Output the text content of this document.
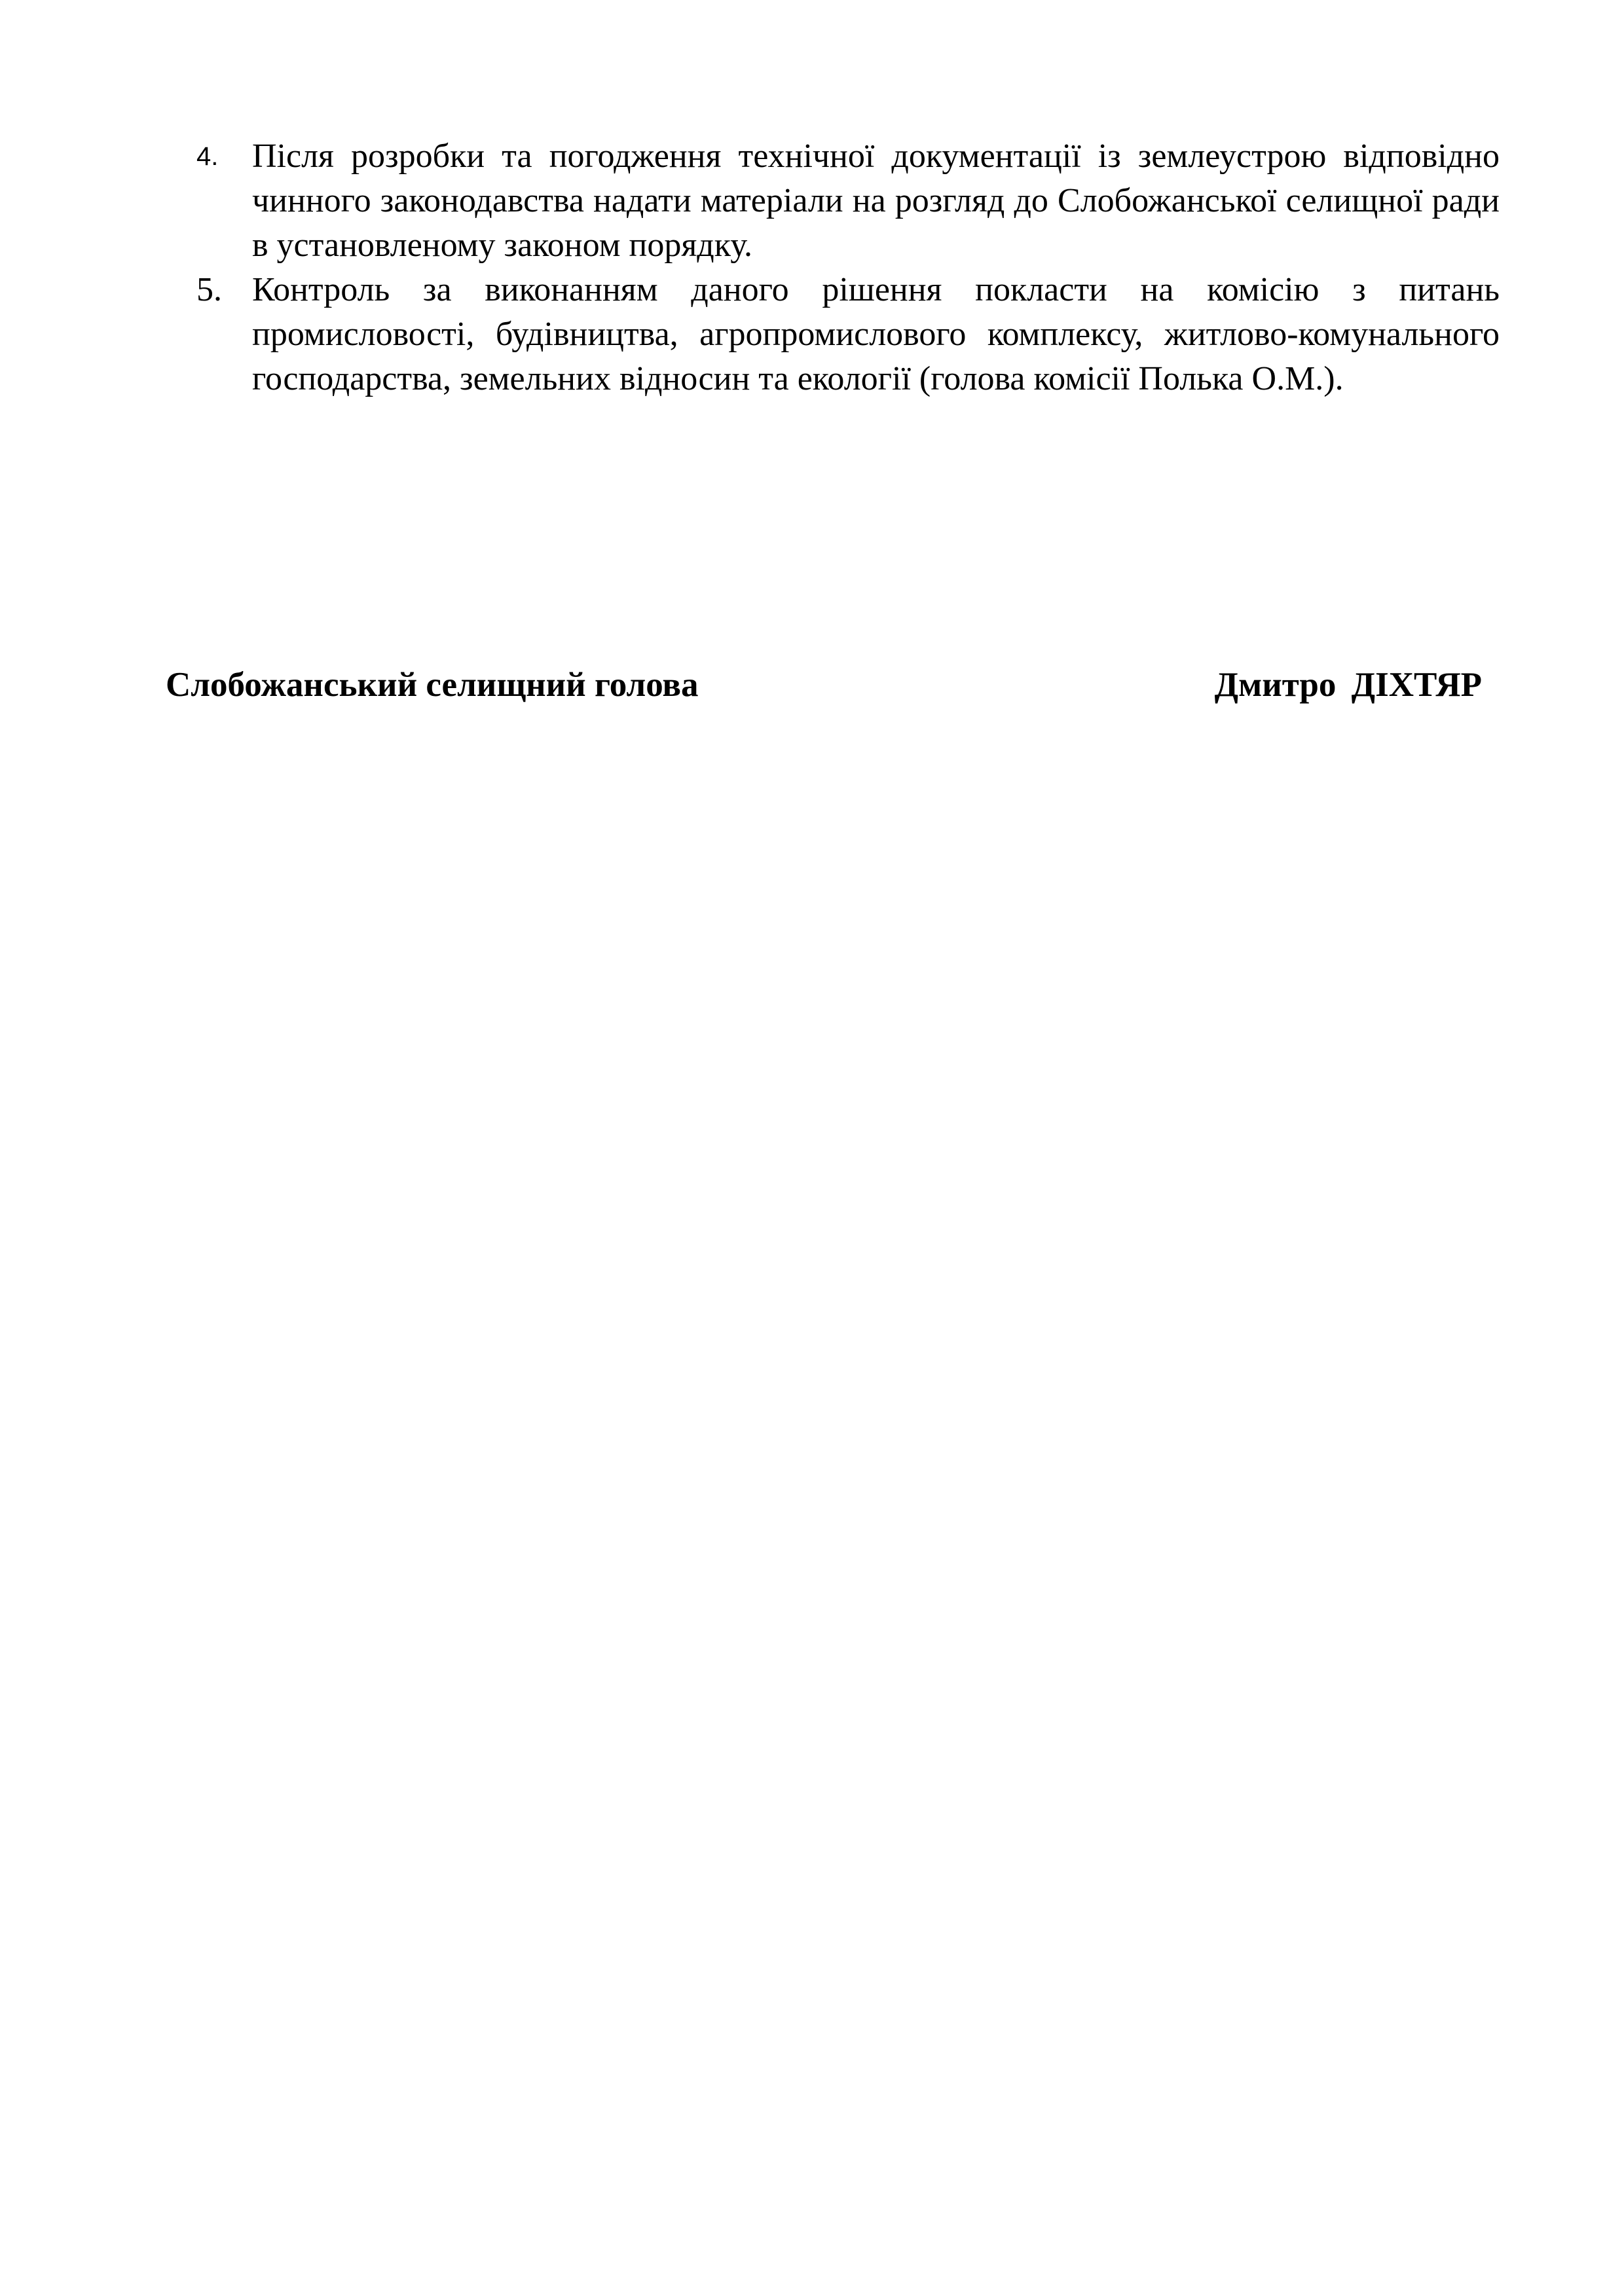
4. Після розробки та погодження технічної документації із землеустрою відповідно чинного законодавства надати матеріали на розгляд до Слобожанської селищної ради в установленому законом порядку.
5. Контроль за виконанням даного рішення покласти на комісію з питань промисловості, будівництва, агропромислового комплексу, житлово-комунального господарства, земельних відносин та екології (голова комісії Полька О.М.).
Слобожанський селищний голова	Дмитро ДІХТЯР
